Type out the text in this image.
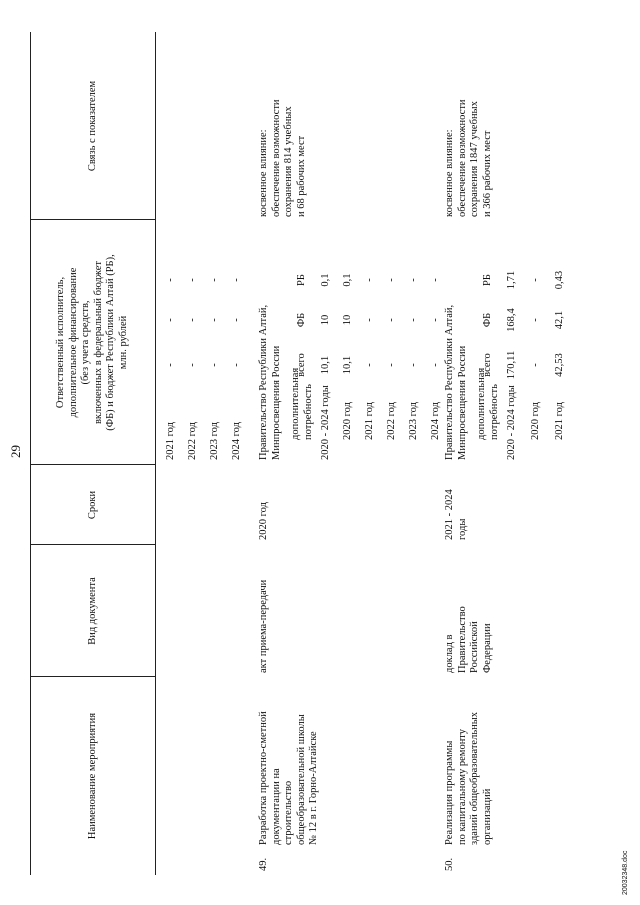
29
Наименование мероприятия
Вид документа
Сроки
Ответственный исполнитель, дополнительное финансирование (без учета средств, включенных в федеральный бюджет (ФБ) и бюджет Республики Алтай (РБ), млн. рублей
Связь с показателем
2021 год
-
-
-
2022 год
-
-
-
2023 год
-
-
-
2024 год
-
-
-
49.
Разработка проектно-сметной документации на строительство общеобразовательной школы № 12 в г. Горно-Алтайске
акт приема-передачи
2020 год
Правительство Республики Алтай, Минпросвещения России дополнительная потребность
всего
ФБ
РБ
2020 - 2024 годы
10,1
10
0,1
2020 год
10,1
10
0,1
2021 год
-
-
-
2022 год
-
-
-
2023 год
-
-
-
2024 год
-
-
-
косвенное влияние: обеспечение возможности сохранения 814 учебных и 68 рабочих мест
50.
Реализация программы по капитальному ремонту зданий общеобразовательных организаций
доклад в Правительство Российской Федерации
2021 - 2024 годы
Правительство Республики Алтай, Минпросвещения России дополнительная потребность
всего
ФБ
РБ
2020 - 2024 годы
170,11
168,4
1,71
2020 год
-
-
-
2021 год
42,53
42,1
0,43
косвенное влияние: обеспечение возможности сохранения 1847 учебных и 366 рабочих мест
20032348.doc
